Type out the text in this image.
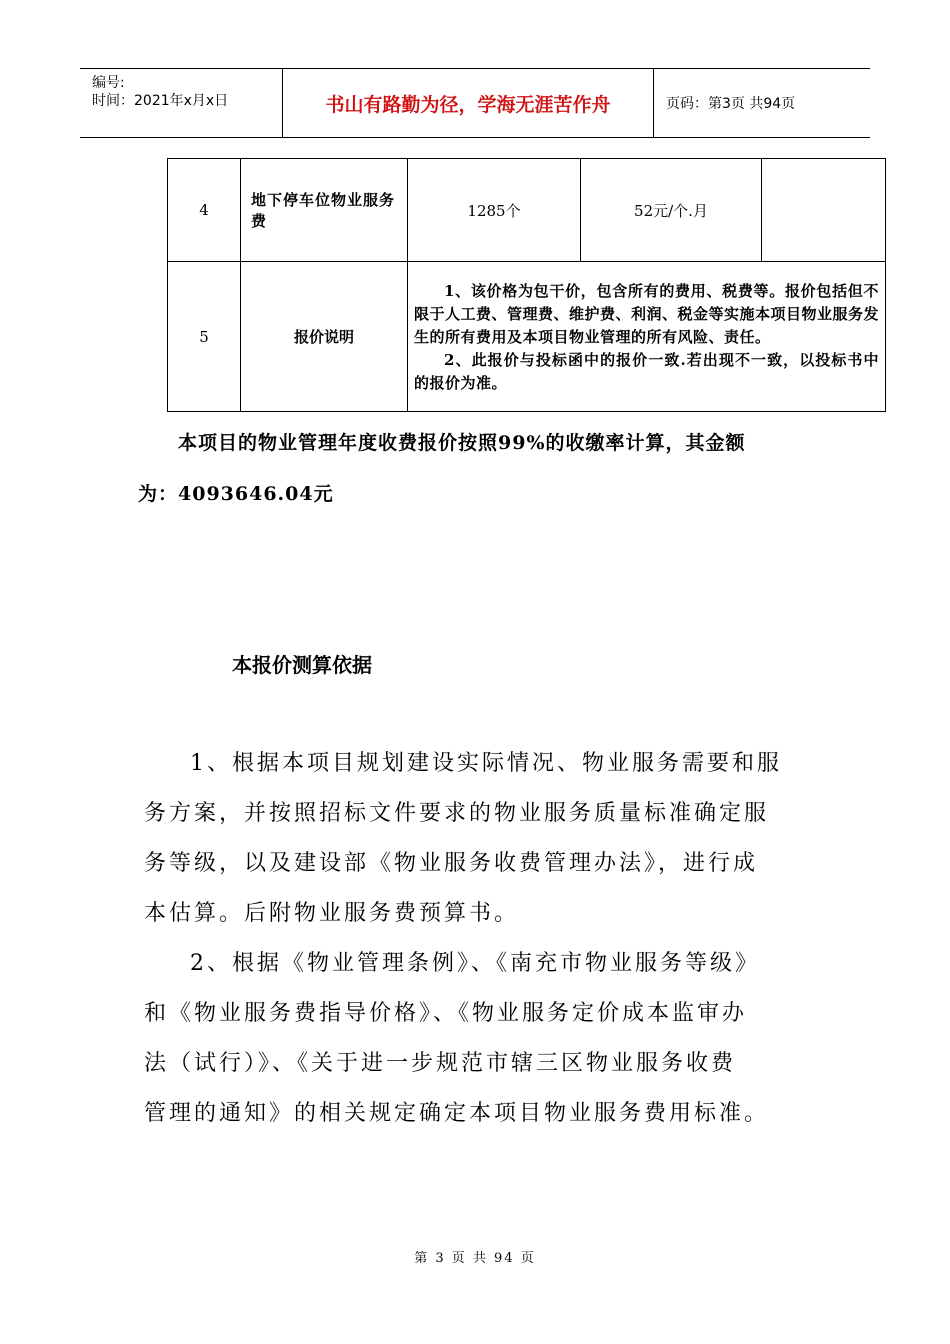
编号:
时间：2021年x月x日	书山有路勤为径，学海无涯苦作舟	页码：第3页 共94页
4	地下停车位物业服务费	1285个	52元/个.月	
5	报价说明	1、该价格为包干价，包含所有的费用、税费等。报价包括但不限于人工费、管理费、维护费、利润、税金等实施本项目物业服务发生的所有费用及本项目物业管理的所有风险、责任。

2、此报价与投标函中的报价一致.若出现不一致，以投标书中的报价为准。		

本项目的物业管理年度收费报价按照99%的收缴率计算，其金额
为：4093646.04元
本报价测算依据
1、根据本项目规划建设实际情况、物业服务需要和服
务方案，并按照招标文件要求的物业服务质量标准确定服
务等级，以及建设部《物业服务收费管理办法》，进行成
本估算。后附物业服务费预算书。
2、根据《物业管理条例》、《南充市物业服务等级》
和《物业服务费指导价格》、《物业服务定价成本监审办
法（试行）》、《关于进一步规范市辖三区物业服务收费
管理的通知》的相关规定确定本项目物业服务费用标准。
第 3 页 共 94 页
